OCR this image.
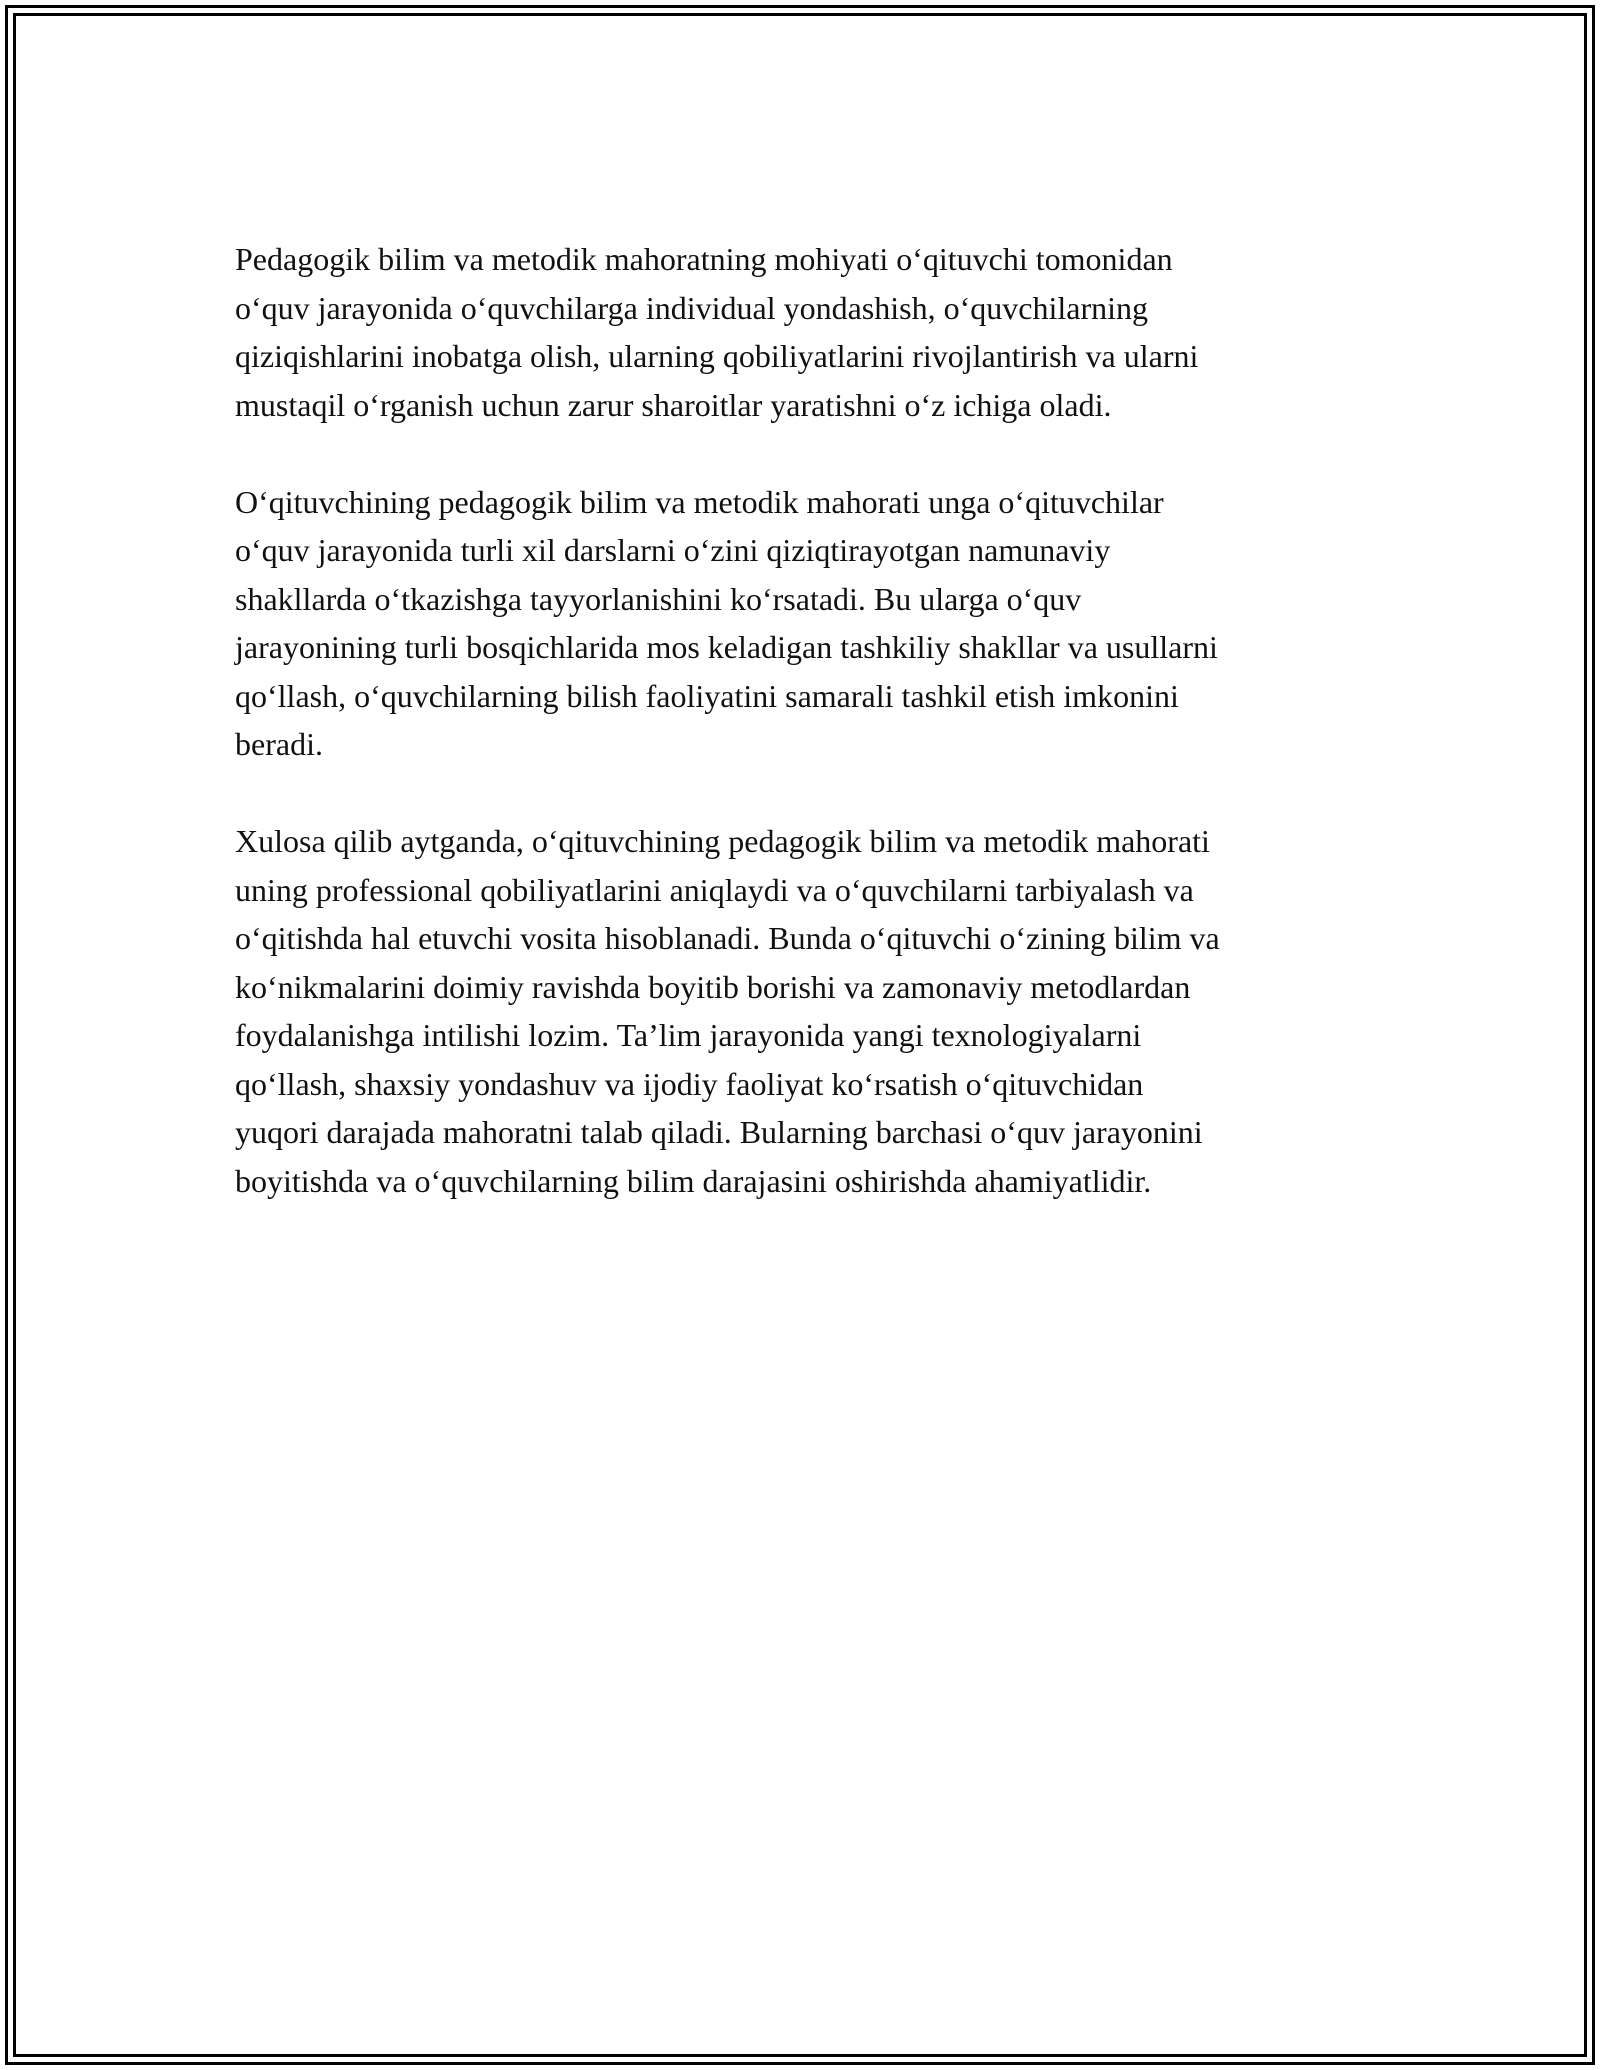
Pedagogik bilim va metodik mahoratning mohiyati o‘qituvchi tomonidan
o‘quv jarayonida o‘quvchilarga individual yondashish, o‘quvchilarning
qiziqishlarini inobatga olish, ularning qobiliyatlarini rivojlantirish va ularni
mustaqil o‘rganish uchun zarur sharoitlar yaratishni o‘z ichiga oladi.

O‘qituvchining pedagogik bilim va metodik mahorati unga o‘qituvchilar
o‘quv jarayonida turli xil darslarni o‘zini qiziqtirayotgan namunaviy
shakllarda o‘tkazishga tayyorlanishini ko‘rsatadi. Bu ularga o‘quv
jarayonining turli bosqichlarida mos keladigan tashkiliy shakllar va usullarni
qo‘llash, o‘quvchilarning bilish faoliyatini samarali tashkil etish imkonini
beradi.

Xulosa qilib aytganda, o‘qituvchining pedagogik bilim va metodik mahorati
uning professional qobiliyatlarini aniqlaydi va o‘quvchilarni tarbiyalash va
o‘qitishda hal etuvchi vosita hisoblanadi. Bunda o‘qituvchi o‘zining bilim va
ko‘nikmalarini doimiy ravishda boyitib borishi va zamonaviy metodlardan
foydalanishga intilishi lozim. Ta’lim jarayonida yangi texnologiyalarni
qo‘llash, shaxsiy yondashuv va ijodiy faoliyat ko‘rsatish o‘qituvchidan
yuqori darajada mahoratni talab qiladi. Bularning barchasi o‘quv jarayonini
boyitishda va o‘quvchilarning bilim darajasini oshirishda ahamiyatlidir.
